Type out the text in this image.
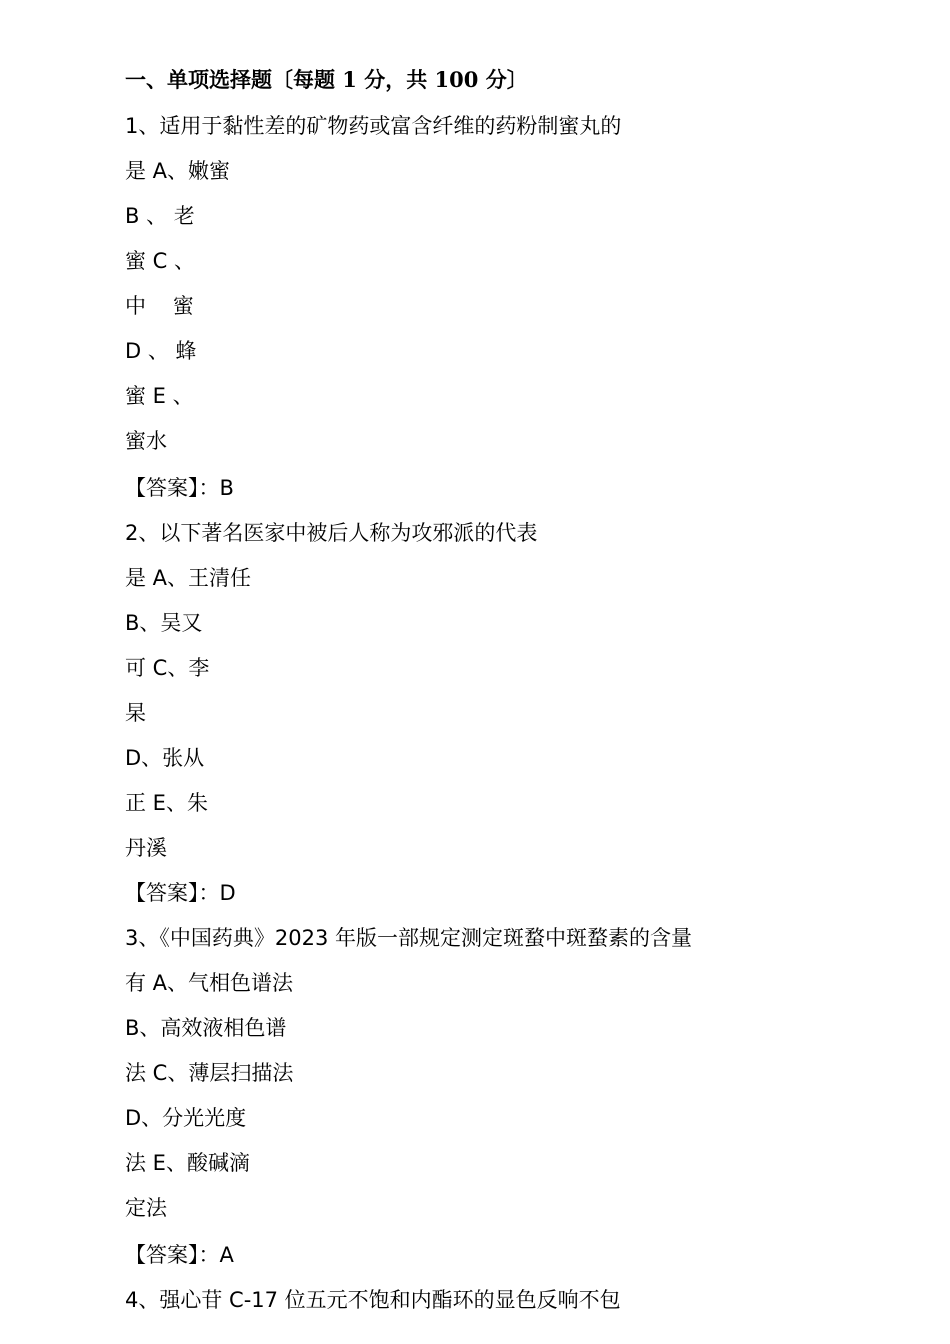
一、单项选择题〔每题 1 分，共 100 分〕
1、适用于黏性差的矿物药或富含纤维的药粉制蜜丸的
是 A、嫩蜜
B 、 老
蜜 C 、
中    蜜
D 、 蜂
蜜 E 、
蜜水
【答案】：B
2、以下著名医家中被后人称为攻邪派的代表
是 A、王清任
B、吴又
可 C、李
杲
D、张从
正 E、朱
丹溪
【答案】：D
3、《中国药典》2023 年版一部规定测定斑蝥中斑蝥素的含量
有 A、气相色谱法
B、高效液相色谱
法 C、薄层扫描法
D、分光光度
法 E、酸碱滴
定法
【答案】：A
4、强心苷 C-17 位五元不饱和内酯环的显色反响不包
